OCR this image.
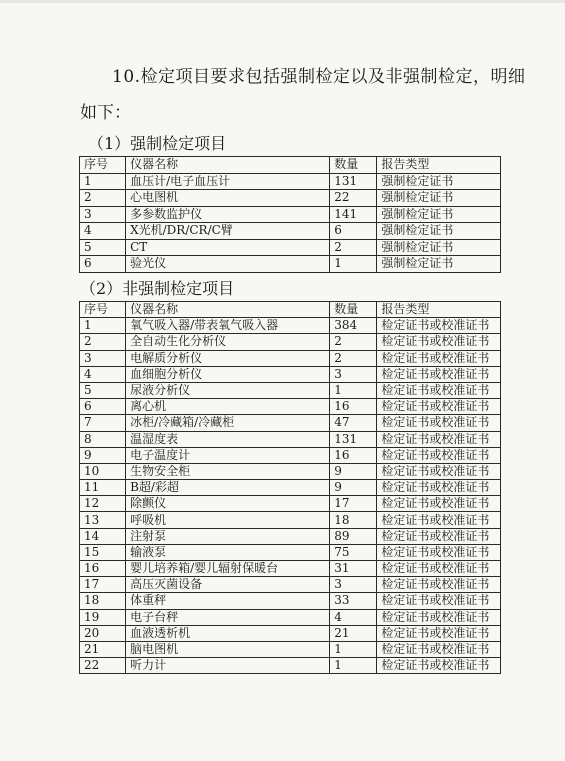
10.检定项目要求包括强制检定以及非强制检定，明细
如下：
（1）强制检定项目
序号	仪器名称	数量	报告类型
1	血压计/电子血压计	131	强制检定证书
2	心电图机	22	强制检定证书
3	多参数监护仪	141	强制检定证书
4	X光机/DR/CR/C臂	6	强制检定证书
5	CT	2	强制检定证书
6	验光仪	1	强制检定证书
（2）非强制检定项目
序号	仪器名称	数量	报告类型
1	氧气吸入器/带表氧气吸入器	384	检定证书或校准证书
2	全自动生化分析仪	2	检定证书或校准证书
3	电解质分析仪	2	检定证书或校准证书
4	血细胞分析仪	3	检定证书或校准证书
5	尿液分析仪	1	检定证书或校准证书
6	离心机	16	检定证书或校准证书
7	冰柜/冷藏箱/冷藏柜	47	检定证书或校准证书
8	温湿度表	131	检定证书或校准证书
9	电子温度计	16	检定证书或校准证书
10	生物安全柜	9	检定证书或校准证书
11	B超/彩超	9	检定证书或校准证书
12	除颤仪	17	检定证书或校准证书
13	呼吸机	18	检定证书或校准证书
14	注射泵	89	检定证书或校准证书
15	输液泵	75	检定证书或校准证书
16	婴儿培养箱/婴儿辐射保暖台	31	检定证书或校准证书
17	高压灭菌设备	3	检定证书或校准证书
18	体重秤	33	检定证书或校准证书
19	电子台秤	4	检定证书或校准证书
20	血液透析机	21	检定证书或校准证书
21	脑电图机	1	检定证书或校准证书
22	听力计	1	检定证书或校准证书
